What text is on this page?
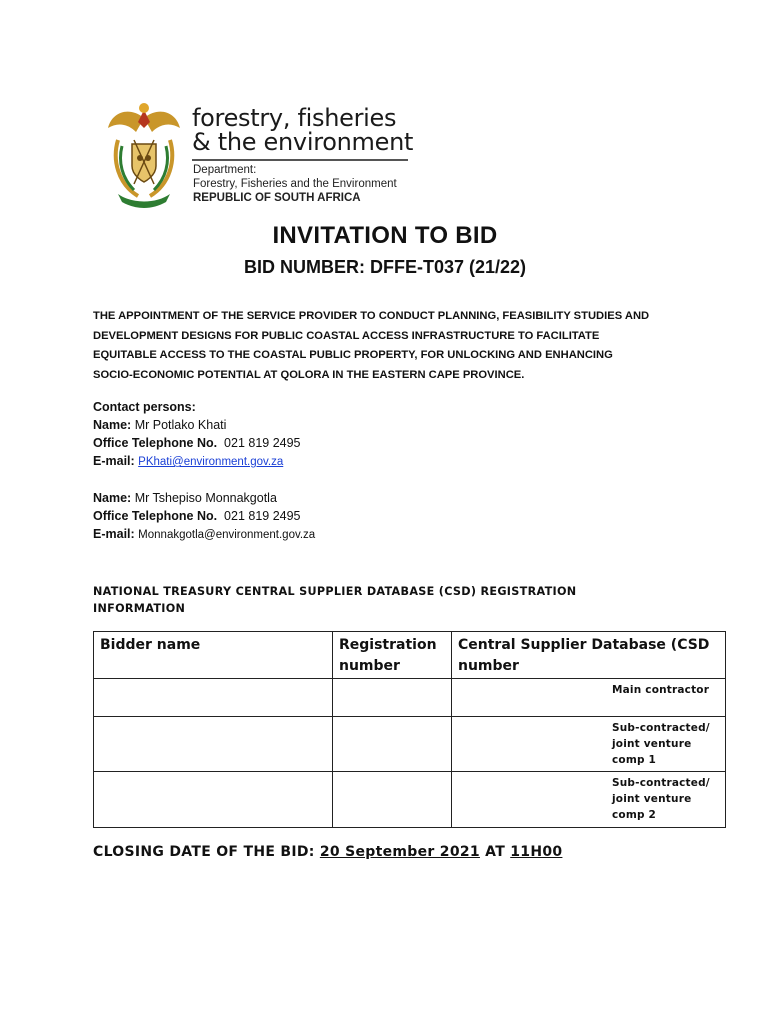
forestry, fisheries
& the environment
Department:
Forestry, Fisheries and the Environment
REPUBLIC OF SOUTH AFRICA
INVITATION TO BID
BID NUMBER: DFFE-T037 (21/22)
THE APPOINTMENT OF THE SERVICE PROVIDER TO CONDUCT PLANNING, FEASIBILITY STUDIES AND
DEVELOPMENT DESIGNS FOR PUBLIC COASTAL ACCESS INFRASTRUCTURE TO FACILITATE
EQUITABLE ACCESS TO THE COASTAL PUBLIC PROPERTY, FOR UNLOCKING AND ENHANCING
SOCIO-ECONOMIC POTENTIAL AT QOLORA IN THE EASTERN CAPE PROVINCE.
Contact persons:
Name: Mr Potlako Khati
Office Telephone No. 021 819 2495
E-mail: PKhati@environment.gov.za
Name: Mr Tshepiso Monnakgotla
Office Telephone No. 021 819 2495
E-mail: Monnakgotla@environment.gov.za
NATIONAL TREASURY CENTRAL SUPPLIER DATABASE (CSD) REGISTRATION
INFORMATION
Bidder name	Registration number	Central Supplier Database (CSD number
		Main contractor
		Sub-contracted/ joint venture comp 1
		Sub-contracted/ joint venture comp 2
CLOSING DATE OF THE BID: 20 September 2021 AT 11H00
